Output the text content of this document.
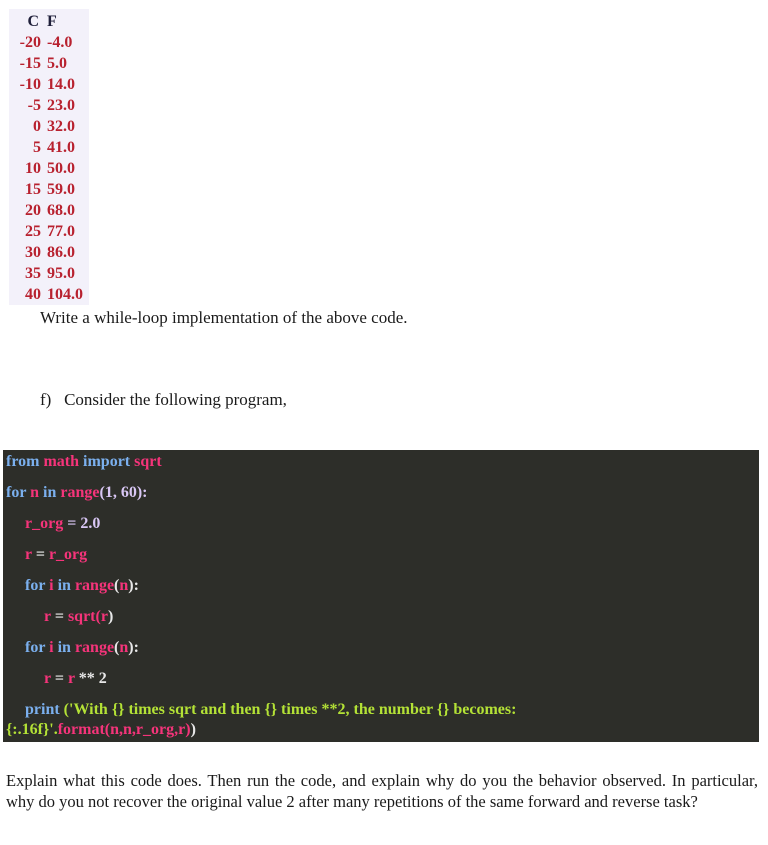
C F
-20 -4.0
-15 5.0
-10 14.0
-5 23.0
0 32.0
5 41.0
10 50.0
15 59.0
20 68.0
25 77.0
30 86.0
35 95.0
40 104.0
Write a while-loop implementation of the above code.
f) Consider the following program,
from math import sqrt
for n in range(1, 60):
r_org = 2.0
r = r_org
for i in range(n):
r = sqrt(r)
for i in range(n):
r = r ** 2
print ('With {} times sqrt and then {} times **2, the number {} becomes:
{:.16f}'.format(n,n,r_org,r))
Explain what this code does. Then run the code, and explain why do you the behavior observed. In particular, why do you not recover the original value 2 after many repetitions of the same forward and reverse task?
